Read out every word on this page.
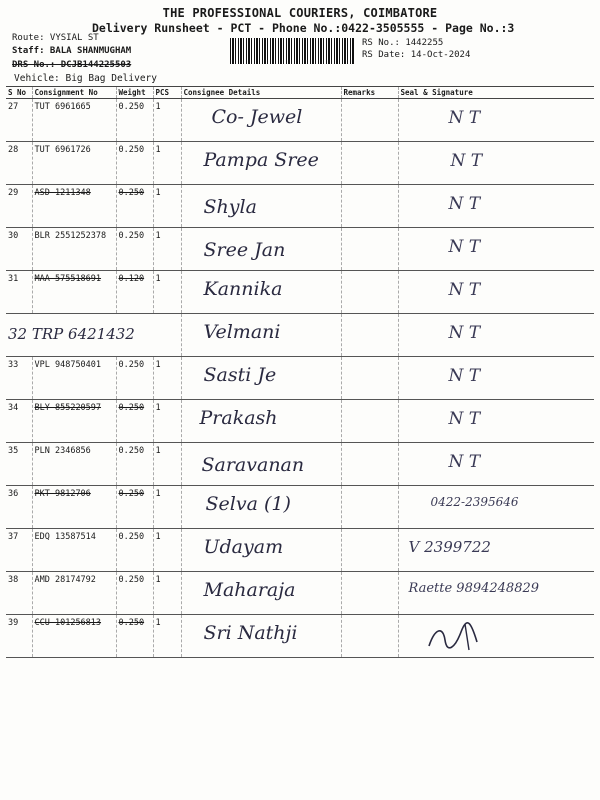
THE PROFESSIONAL COURIERS, COIMBATORE
Delivery Runsheet - PCT - Phone No.:0422-3505555 - Page No.:3
Route: VYSIAL ST
Staff: BALA SHANMUGHAM
DRS No.: DCJB144225503
Vehicle: Big Bag Delivery
RS No.: 1442255
RS Date: 14-Oct-2024
S No	Consignment No	Weight	PCS	Consignee Details	Remarks	Seal & Signature
27	TUT 6961665	0.250	1	Co- Jewel		N T

28	TUT 6961726	0.250	1	Pampa Sree		N T

29	ASD 1211348	0.250	1	Shyla		N T

30	BLR 2551252378	0.250	1	Sree Jan		N T

31	MAA 575518691	0.120	1	Kannika		N T

32 TRP 6421432				Velmani		N T

33	VPL 948750401	0.250	1	Sasti Je		N T

34	BLY 855220597	0.250	1	Prakash		N T

35	PLN 2346856	0.250	1	Saravanan		N T

36	PKT 9812706	0.250	1	Selva (1)		0422-2395646

37	EDQ 13587514	0.250	1	Udayam		V 2399722

38	AMD 28174792	0.250	1	Maharaja		Raette 9894248829

39	CCU 101256813	0.250	1	Sri Nathji
